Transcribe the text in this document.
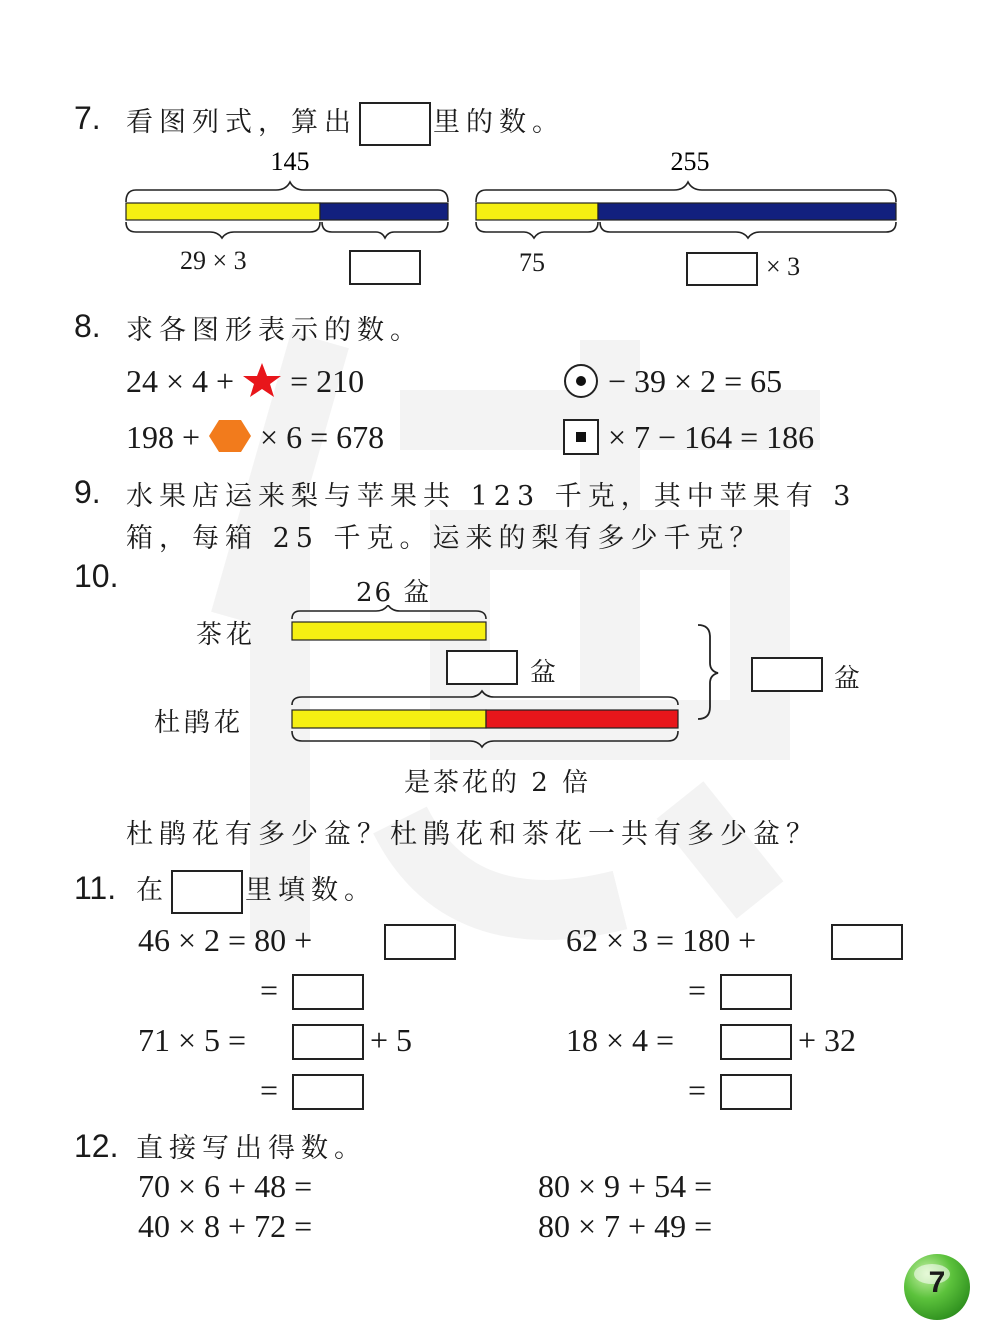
7. 看图列式，算出	里的数。
145	255
29 × 3	75	× 3
8. 求各图形表示的数。
24 × 4 + = 210	− 39 × 2 = 65
198 + × 6 = 678	× 7 − 164 = 186
9. 水果店运来梨与苹果共 123 千克，其中苹果有 3
箱，每箱 25 千克。运来的梨有多少千克？
10.	26 盆
茶花
杜鹃花
盆	盆
是茶花的 2 倍
杜鹃花有多少盆？杜鹃花和茶花一共有多少盆？
11. 在	里填数。
46 × 2 = 80 +
=
62 × 3 = 180 +
=
71 × 5 =	+ 5
=
18 × 4 =	+ 32
=
12. 直接写出得数。
70 × 6 + 48 =	80 × 9 + 54 =
40 × 8 + 72 =	80 × 7 + 49 =
7
